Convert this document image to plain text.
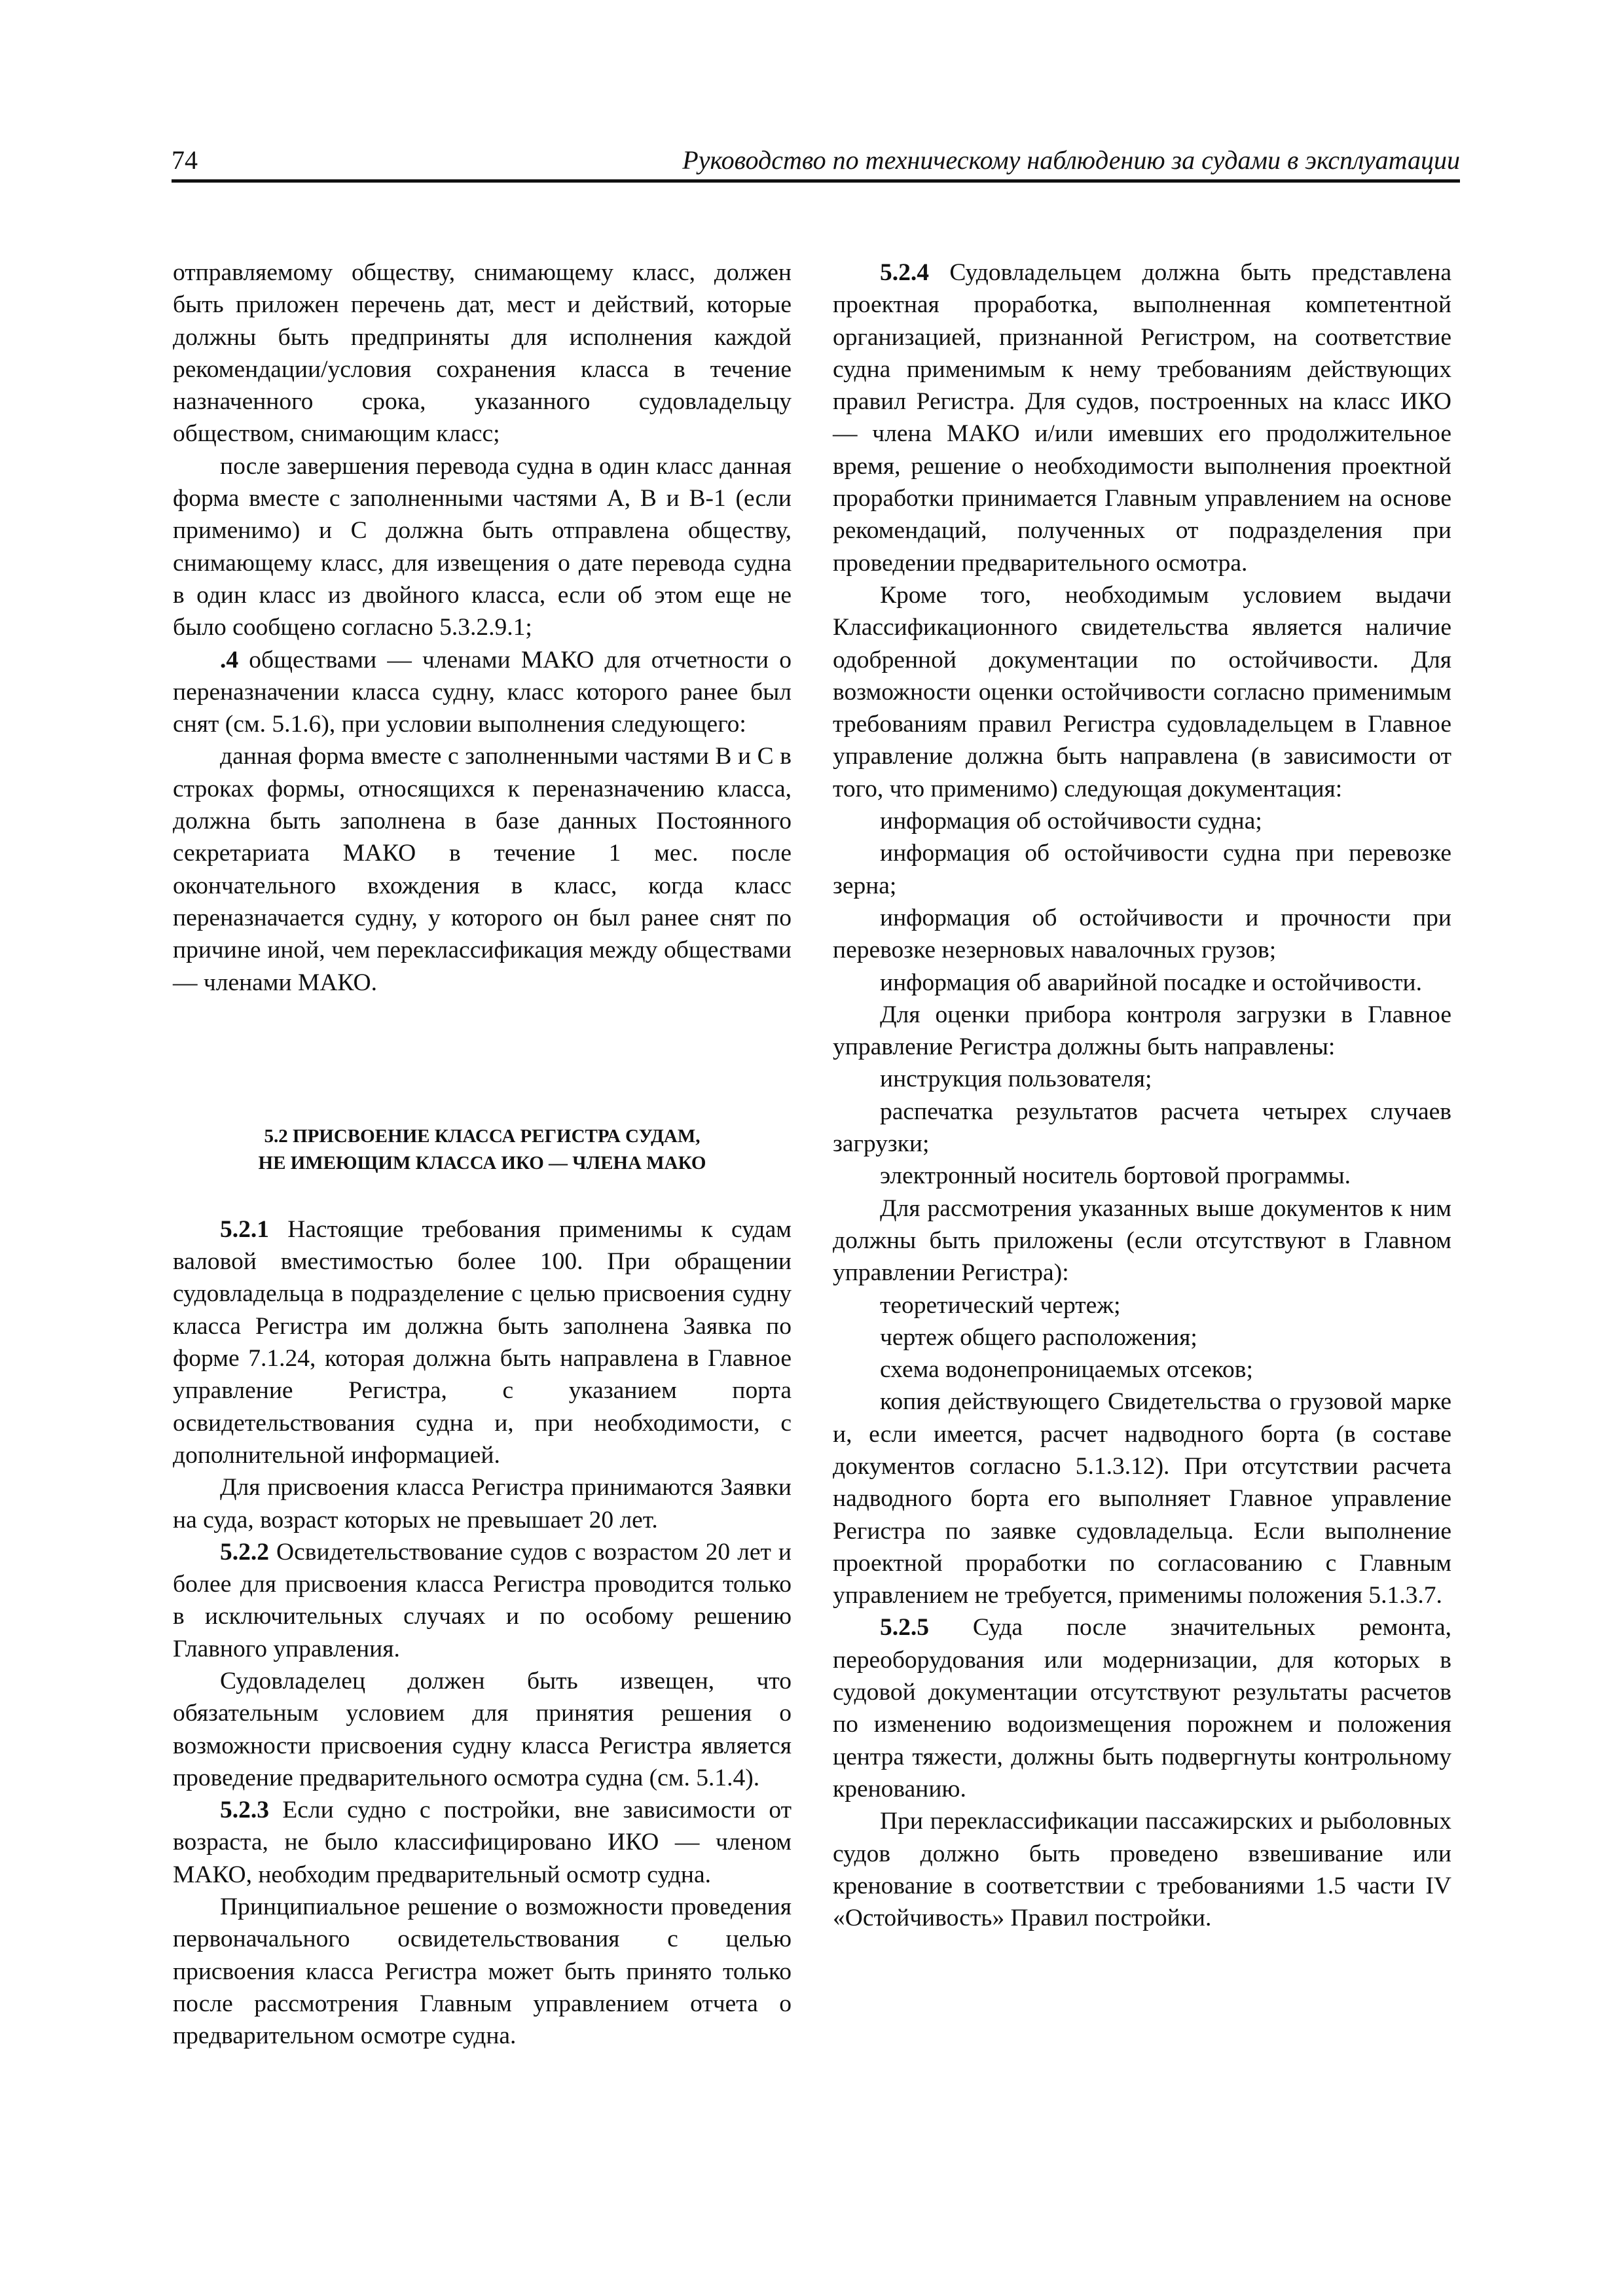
74	Руководство по техническому наблюдению за судами в эксплуатации

отправляемому обществу, снимающему класс, должен быть приложен перечень дат, мест и действий, которые должны быть предприняты для исполнения каждой рекомендации/условия сохранения класса в течение назначенного срока, указанного судовладельцу обществом, снимающим класс;

после завершения перевода судна в один класс данная форма вместе с заполненными частями А, В и В-1 (если применимо) и С должна быть отправлена обществу, снимающему класс, для извещения о дате перевода судна в один класс из двойного класса, если об этом еще не было сообщено согласно 5.3.2.9.1;

.4 обществами — членами МАКО для отчетности о переназначении класса судну, класс которого ранее был снят (см. 5.1.6), при условии выполнения следующего:

данная форма вместе с заполненными частями В и С в строках формы, относящихся к переназначению класса, должна быть заполнена в базе данных Постоянного секретариата МАКО в течение 1 мес. после окончательного вхождения в класс, когда класс переназначается судну, у которого он был ранее снят по причине иной, чем переклассификация между обществами — членами МАКО.

5.2 ПРИСВОЕНИЕ КЛАССА РЕГИСТРА СУДАМ,
НЕ ИМЕЮЩИМ КЛАССА ИКО — ЧЛЕНА МАКО

5.2.1 Настоящие требования применимы к судам валовой вместимостью более 100. При обращении судовладельца в подразделение с целью присвоения судну класса Регистра им должна быть заполнена Заявка по форме 7.1.24, которая должна быть направлена в Главное управление Регистра, с указанием порта освидетельствования судна и, при необходимости, с дополнительной информацией.

Для присвоения класса Регистра принимаются Заявки на суда, возраст которых не превышает 20 лет.

5.2.2 Освидетельствование судов с возрастом 20 лет и более для присвоения класса Регистра проводится только в исключительных случаях и по особому решению Главного управления.

Судовладелец должен быть извещен, что обязательным условием для принятия решения о возможности присвоения судну класса Регистра является проведение предварительного осмотра судна (см. 5.1.4).

5.2.3 Если судно с постройки, вне зависимости от возраста, не было классифицировано ИКО — членом МАКО, необходим предварительный осмотр судна.

Принципиальное решение о возможности проведения первоначального освидетельствования с целью присвоения класса Регистра может быть принято только после рассмотрения Главным управлением отчета о предварительном осмотре судна.

5.2.4 Судовладельцем должна быть представлена проектная проработка, выполненная компетентной организацией, признанной Регистром, на соответствие судна применимым к нему требованиям действующих правил Регистра. Для судов, построенных на класс ИКО — члена МАКО и/или имевших его продолжительное время, решение о необходимости выполнения проектной проработки принимается Главным управлением на основе рекомендаций, полученных от подразделения при проведении предварительного осмотра.

Кроме того, необходимым условием выдачи Классификационного свидетельства является наличие одобренной документации по остойчивости. Для возможности оценки остойчивости согласно применимым требованиям правил Регистра судовладельцем в Главное управление должна быть направлена (в зависимости от того, что применимо) следующая документация:

информация об остойчивости судна;

информация об остойчивости судна при перевозке зерна;

информация об остойчивости и прочности при перевозке незерновых навалочных грузов;

информация об аварийной посадке и остойчивости.

Для оценки прибора контроля загрузки в Главное управление Регистра должны быть направлены:

инструкция пользователя;

распечатка результатов расчета четырех случаев загрузки;

электронный носитель бортовой программы.

Для рассмотрения указанных выше документов к ним должны быть приложены (если отсутствуют в Главном управлении Регистра):

теоретический чертеж;

чертеж общего расположения;

схема водонепроницаемых отсеков;

копия действующего Свидетельства о грузовой марке и, если имеется, расчет надводного борта (в составе документов согласно 5.1.3.12). При отсутствии расчета надводного борта его выполняет Главное управление Регистра по заявке судовладельца. Если выполнение проектной проработки по согласованию с Главным управлением не требуется, применимы положения 5.1.3.7.

5.2.5 Суда после значительных ремонта, переоборудования или модернизации, для которых в судовой документации отсутствуют результаты расчетов по изменению водоизмещения порожнем и положения центра тяжести, должны быть подвергнуты контрольному кренованию.

При переклассификации пассажирских и рыболовных судов должно быть проведено взвешивание или кренование в соответствии с требованиями 1.5 части IV «Остойчивость» Правил постройки.
